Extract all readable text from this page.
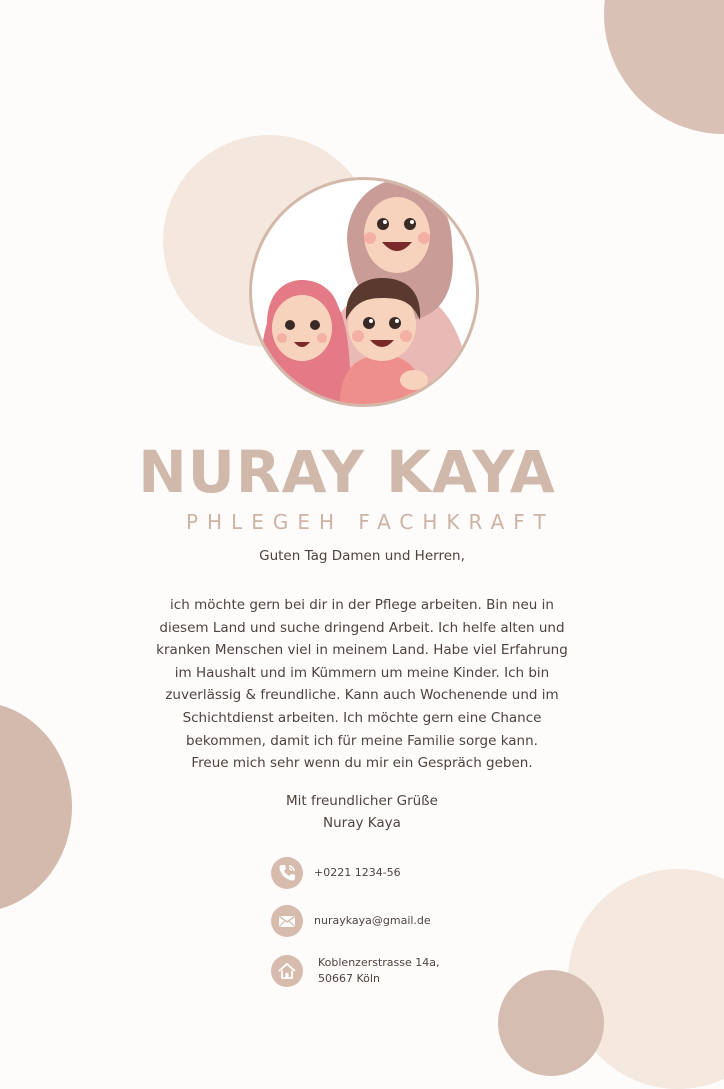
NURAY KAYA
PHLEGEH FACHKRAFT
Guten Tag Damen und Herren,
ich möchte gern bei dir in der Pflege arbeiten. Bin neu in
diesem Land und suche dringend Arbeit. Ich helfe alten und
kranken Menschen viel in meinem Land. Habe viel Erfahrung
im Haushalt und im Kümmern um meine Kinder. Ich bin
zuverlässig & freundliche. Kann auch Wochenende und im
Schichtdienst arbeiten. Ich möchte gern eine Chance
bekommen, damit ich für meine Familie sorge kann.
Freue mich sehr wenn du mir ein Gespräch geben.
Mit freundlicher Grüße
Nuray Kaya
+0221 1234-56
nuraykaya@gmail.de
Koblenzerstrasse 14a,
50667 Köln
